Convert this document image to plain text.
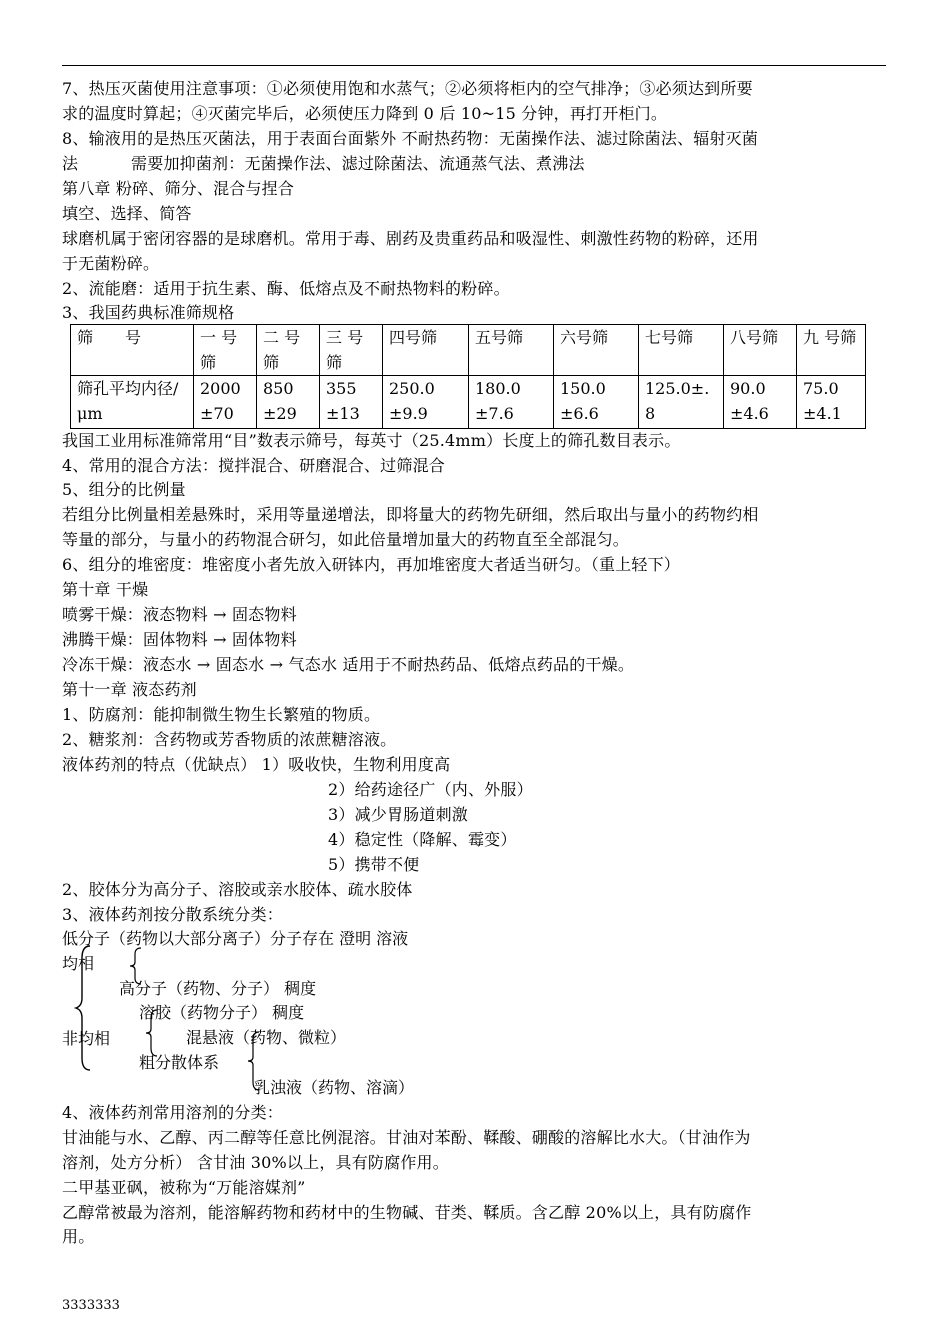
7、热压灭菌使用注意事项：①必须使用饱和水蒸气；②必须将柜内的空气排净；③必须达到所要
求的温度时算起；④灭菌完毕后，必须使压力降到 0 后 10~15 分钟，再打开柜门。
8、输液用的是热压灭菌法，用于表面台面紫外 不耐热药物：无菌操作法、滤过除菌法、辐射灭菌
法          需要加抑菌剂：无菌操作法、滤过除菌法、流通蒸气法、煮沸法
第八章 粉碎、筛分、混合与捏合
填空、选择、简答
球磨机属于密闭容器的是球磨机。常用于毒、剧药及贵重药品和吸湿性、刺激性药物的粉碎，还用
于无菌粉碎。
2、流能磨：适用于抗生素、酶、低熔点及不耐热物料的粉碎。
3、我国药典标准筛规格
筛　　号	一 号筛	二 号筛	三 号筛	四号筛	五号筛	六号筛	七号筛	八号筛	九 号筛
筛孔平均内径/μm	2000 ±70	850±29	355±13	250.0±9.9	180.0±7.6	150.0±6.6	125.0±.8	90.0±4.6	75.0 ±4.1
我国工业用标准筛常用“目”数表示筛号，每英寸（25.4mm）长度上的筛孔数目表示。
4、常用的混合方法：搅拌混合、研磨混合、过筛混合
5、组分的比例量
若组分比例量相差悬殊时，采用等量递增法，即将量大的药物先研细，然后取出与量小的药物约相
等量的部分，与量小的药物混合研匀，如此倍量增加量大的药物直至全部混匀。
6、组分的堆密度：堆密度小者先放入研钵内，再加堆密度大者适当研匀。（重上轻下）
第十章 干燥
喷雾干燥：液态物料 → 固态物料
沸腾干燥：固体物料 → 固体物料
冷冻干燥：液态水 → 固态水 → 气态水 适用于不耐热药品、低熔点药品的干燥。
第十一章 液态药剂
1、防腐剂：能抑制微生物生长繁殖的物质。
2、糖浆剂：含药物或芳香物质的浓蔗糖溶液。
液体药剂的特点（优缺点） 1）吸收快，生物利用度高
2）给药途径广（内、外服）
3）减少胃肠道刺激
4）稳定性（降解、霉变）
5）携带不便
2、胶体分为高分子、溶胶或亲水胶体、疏水胶体
3、液体药剂按分散系统分类：
低分子（药物以大部分离子）分子存在 澄明 溶液
均相
高分子（药物、分子） 稠度
溶胶（药物分子） 稠度
混悬液（药物、微粒）
非均相
粗分散体系
乳浊液（药物、溶滴）
4、液体药剂常用溶剂的分类：
甘油能与水、乙醇、丙二醇等任意比例混溶。甘油对苯酚、鞣酸、硼酸的溶解比水大。（甘油作为
溶剂，处方分析） 含甘油 30%以上，具有防腐作用。
二甲基亚砜，被称为“万能溶媒剂”
乙醇常被最为溶剂，能溶解药物和药材中的生物碱、苷类、鞣质。含乙醇 20%以上，具有防腐作
用。
3333333
